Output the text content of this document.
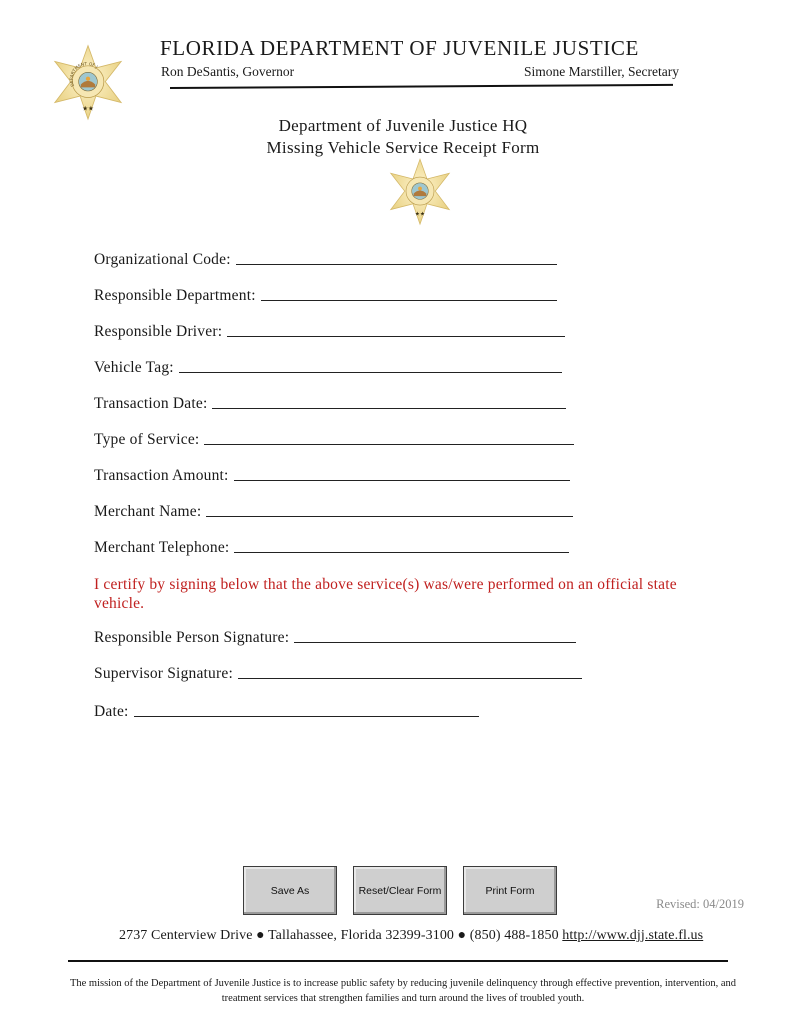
DEPARTMENT OF J
★★
FLORIDA DEPARTMENT OF JUVENILE JUSTICE
Ron DeSantis, Governor	Simone Marstiller, Secretary
Department of Juvenile Justice HQ
Missing Vehicle Service Receipt Form
★★
Organizational Code:
Responsible Department:
Responsible Driver:
Vehicle Tag:
Transaction Date:
Type of Service:
Transaction Amount:
Merchant Name:
Merchant Telephone:
I certify by signing below that the above service(s) was/were performed on an official state vehicle.
Responsible Person Signature:
Supervisor Signature:
Date:
Save As	Reset/Clear Form	Print Form
Revised: 04/2019
2737 Centerview Drive ● Tallahassee, Florida 32399-3100 ● (850) 488-1850 http://www.djj.state.fl.us
The mission of the Department of Juvenile Justice is to increase public safety by reducing juvenile delinquency through effective prevention, intervention, and treatment services that strengthen families and turn around the lives of troubled youth.
